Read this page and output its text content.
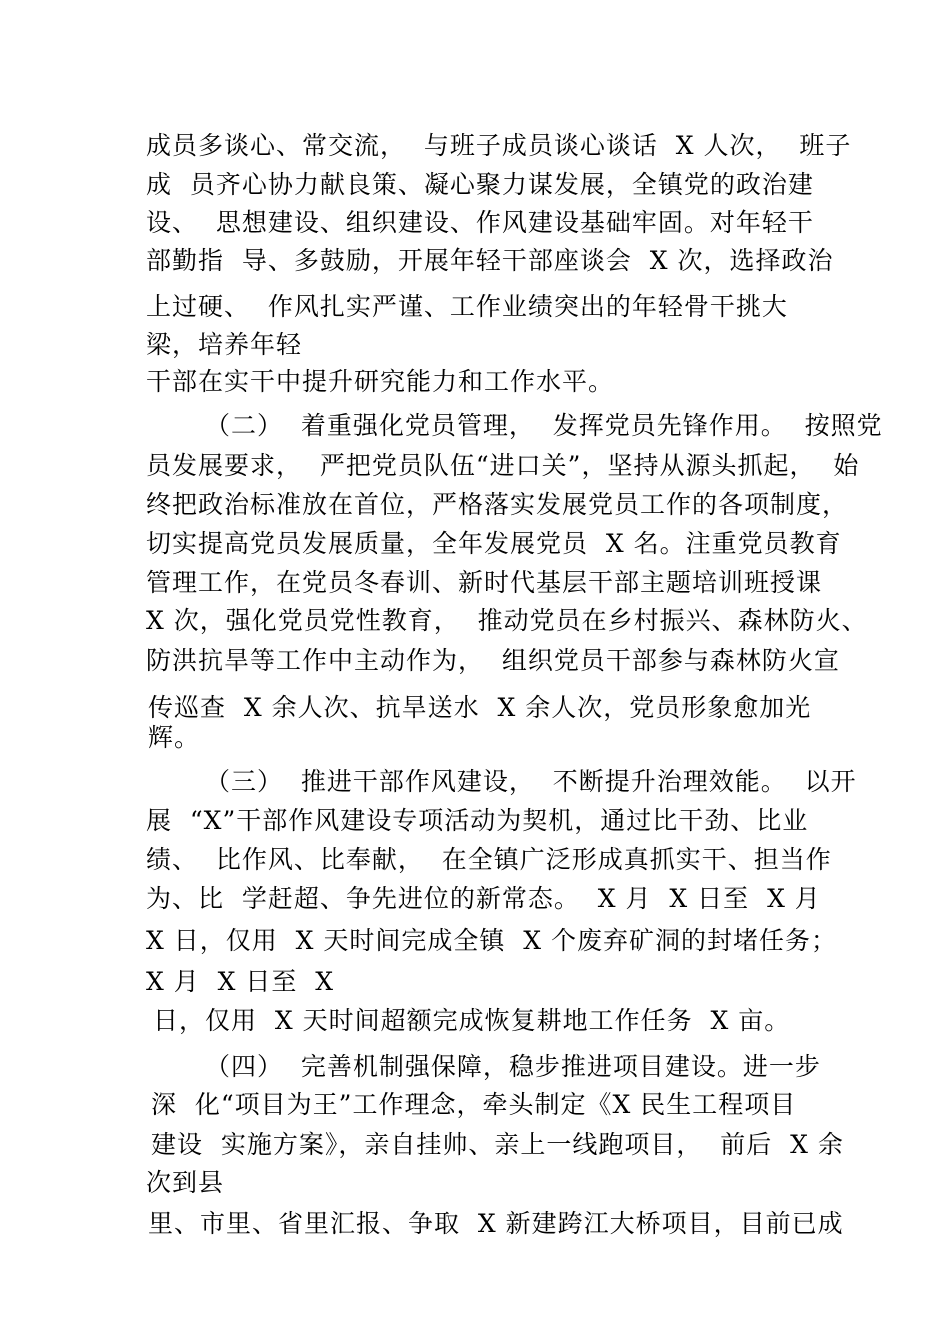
成员多谈心、常交流，  与班子成员谈心谈话  X 人次，  班子
成  员齐心协力献良策、凝心聚力谋发展，全镇党的政治建
设、  思想建设、组织建设、作风建设基础牢固。对年轻干
部勤指  导、多鼓励，开展年轻干部座谈会  X 次，选择政治
上过硬、  作风扎实严谨、工作业绩突出的年轻骨干挑大
梁，培养年轻
干部在实干中提升研究能力和工作水平。
（二）  着重强化党员管理，  发挥党员先锋作用。  按照党
员发展要求，  严把党员队伍“进口关”，坚持从源头抓起，  始
终把政治标准放在首位，严格落实发展党员工作的各项制度，
切实提高党员发展质量，全年发展党员  X 名。注重党员教育
管理工作，在党员冬春训、新时代基层干部主题培训班授课
X 次，强化党员党性教育，  推动党员在乡村振兴、森林防火、
防洪抗旱等工作中主动作为，  组织党员干部参与森林防火宣
传巡查  X 余人次、抗旱送水  X 余人次，党员形象愈加光
辉。
（三）  推进干部作风建设，  不断提升治理效能。  以开
展  “X”干部作风建设专项活动为契机，通过比干劲、比业
绩、  比作风、比奉献，  在全镇广泛形成真抓实干、担当作
为、比  学赶超、争先进位的新常态。  X 月  X 日至  X 月
X 日，仅用  X 天时间完成全镇  X 个废弃矿洞的封堵任务；
X 月  X 日至  X
日，仅用  X 天时间超额完成恢复耕地工作任务  X 亩。
（四）  完善机制强保障，稳步推进项目建设。进一步
深  化“项目为王”工作理念，牵头制定《X 民生工程项目
建设  实施方案》，亲自挂帅、亲上一线跑项目，  前后  X 余
次到县
里、市里、省里汇报、争取  X 新建跨江大桥项目，目前已成
